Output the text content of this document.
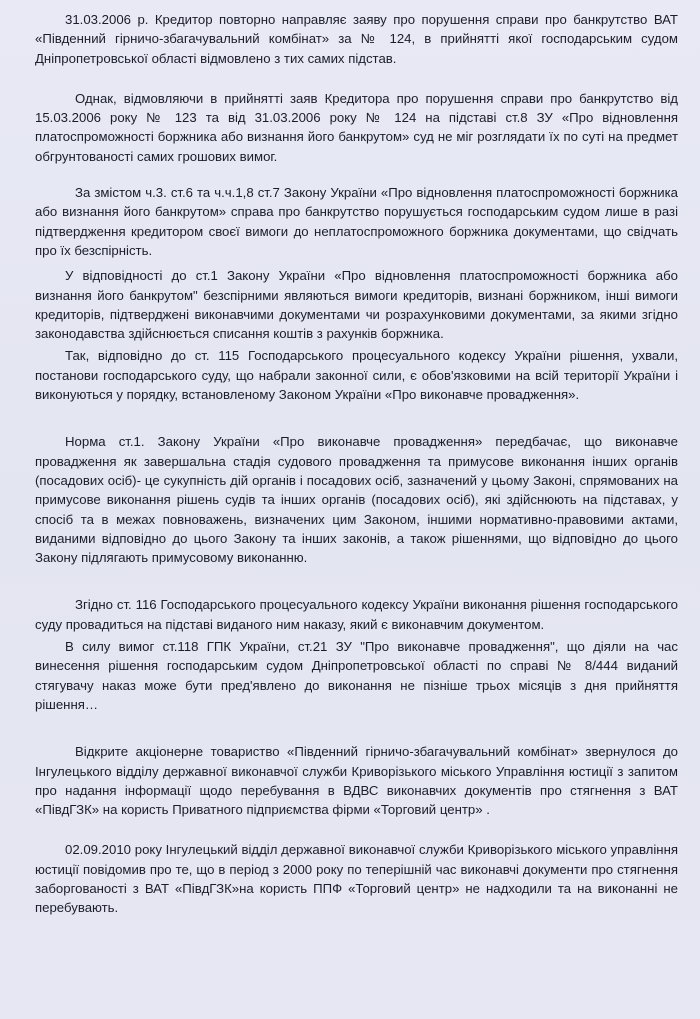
31.03.2006 р. Кредитор повторно направляє заяву про порушення справи про банкрутство ВАТ «Південний гірничо-збагачувальний комбінат» за № 124, в прийнятті якої господарським судом Дніпропетровської області відмовлено з тих самих підстав.

Однак, відмовляючи в прийнятті заяв Кредитора про порушення справи про банкрутство від 15.03.2006 року № 123 та від 31.03.2006 року № 124 на підставі ст.8 ЗУ «Про відновлення платоспроможності боржника або визнання його банкрутом» суд не міг розглядати їх по суті на предмет обгрунтованості самих грошових вимог.

За змістом ч.3. ст.6 та ч.ч.1,8 ст.7 Закону України «Про відновлення платоспроможності боржника або визнання його банкрутом» справа про банкрутство порушується господарським судом лише в разі підтвердження кредитором своєї вимоги до неплатоспроможного боржника документами, що свідчать про їх безспірність.

У відповідності до ст.1 Закону України «Про відновлення платоспроможності боржника або визнання його банкрутом" безспірними являються вимоги кредиторів, визнані боржником, інші вимоги кредиторів, підтверджені виконавчими документами чи розрахунковими документами, за якими згідно законодавства здійснюється списання коштів з рахунків боржника.

Так, відповідно до ст. 115 Господарського процесуального кодексу України рішення, ухвали, постанови господарського суду, що набрали законної сили, є обов'язковими на всій території України і виконуються у порядку, встановленому Законом України «Про виконавче провадження».

Норма ст.1. Закону України «Про виконавче провадження» передбачає, що виконавче провадження як завершальна стадія судового провадження та примусове виконання інших органів (посадових осіб)- це сукупність дій органів і посадових осіб, зазначений у цьому Законі, спрямованих на примусове виконання рішень судів та інших органів (посадових осіб), які здійснюють на підставах, у спосіб та в межах повноважень, визначених цим Законом, іншими нормативно-правовими актами, виданими відповідно до цього Закону та інших законів, а також рішеннями, що відповідно до цього Закону підлягають примусовому виконанню.

Згідно ст. 116 Господарського процесуального кодексу України виконання рішення господарського суду провадиться на підставі виданого ним наказу, який є виконавчим документом.

В силу вимог ст.118 ГПК України, ст.21 ЗУ "Про виконавче провадження", що діяли на час винесення рішення господарським судом Дніпропетровської області по справі № 8/444 виданий стягувачу наказ може бути пред'явлено до виконання не пізніше трьох місяців з дня прийняття рішення…

Відкрите акціонерне товариство «Південний гірничо-збагачувальний комбінат» звернулося до Інгулецького відділу державної виконавчої служби Криворізького міського Управління юстиції з запитом про надання інформації щодо перебування в ВДВС виконавчих документів про стягнення з ВАТ «ПівдГЗК» на користь Приватного підприємства фірми «Торговий центр» .

02.09.2010 року Інгулецький відділ державної виконавчої служби Криворізького міського управління юстиції повідомив про те, що в період з 2000 року по теперішній час виконавчі документи про стягнення заборгованості з ВАТ «ПівдГЗК»на користь ППФ «Торговий центр» не надходили та на виконанні не перебувають.
